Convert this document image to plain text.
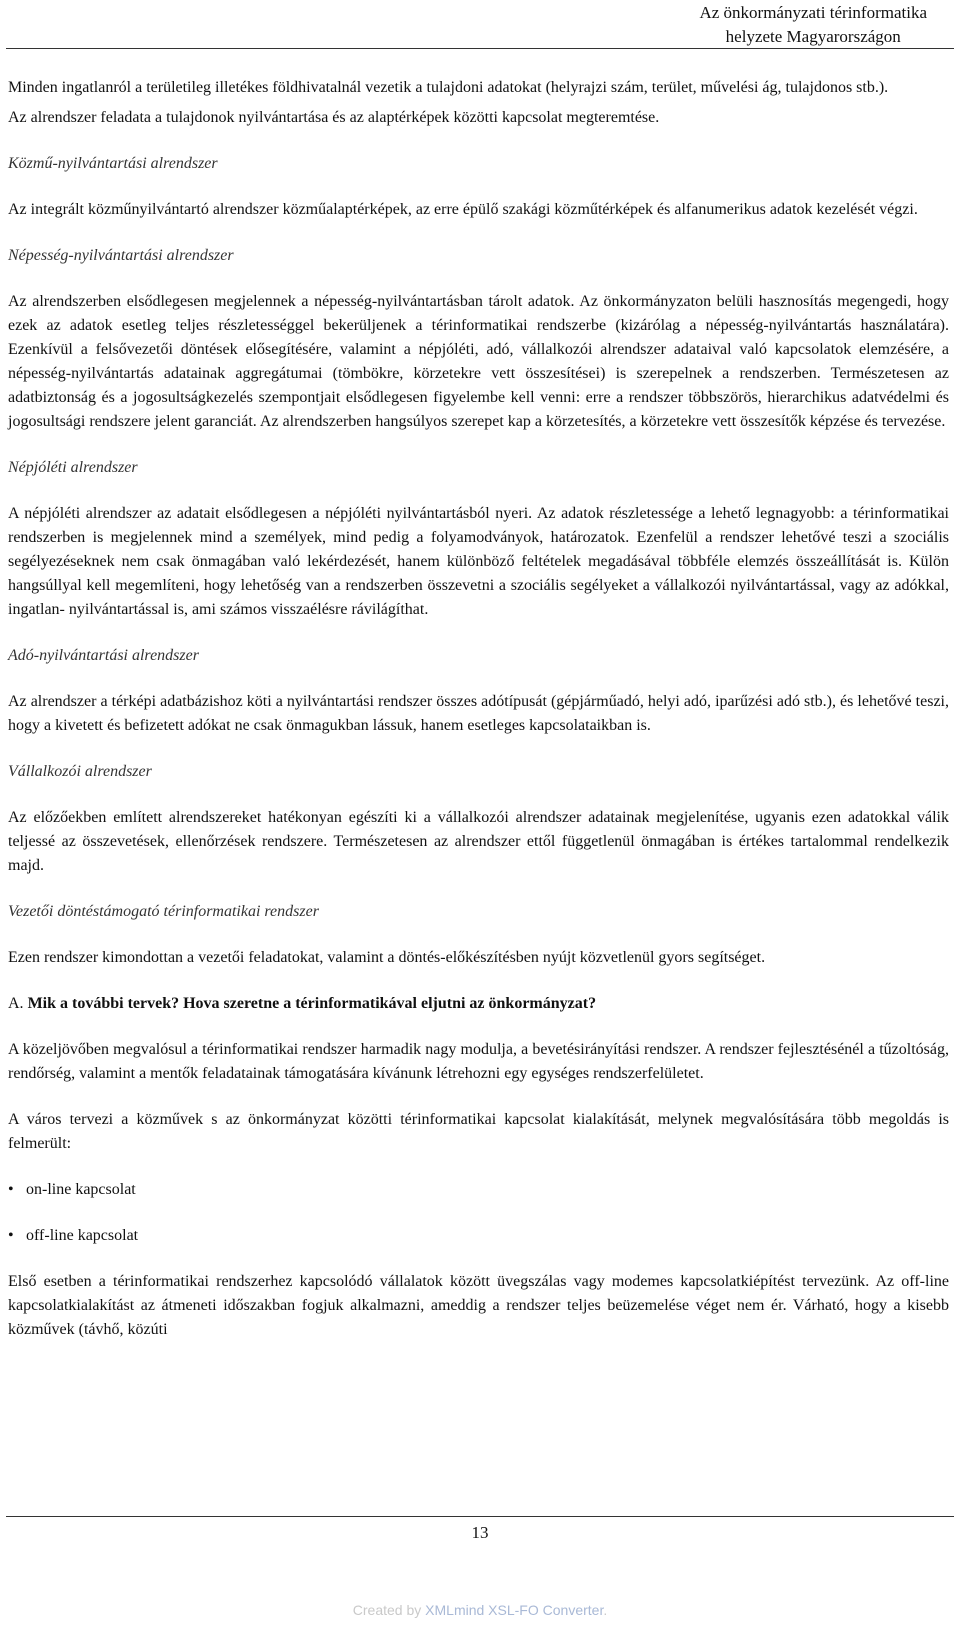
Az önkormányzati térinformatika
helyzete Magyarországon

Minden ingatlanról a területileg illetékes földhivatalnál vezetik a tulajdoni adatokat (helyrajzi szám, terület, művelési ág, tulajdonos stb.).

Az alrendszer feladata a tulajdonok nyilvántartása és az alaptérképek közötti kapcsolat megteremtése.

Közmű-nyilvántartási alrendszer

Az integrált közműnyilvántartó alrendszer közműalaptérképek, az erre épülő szakági közműtérképek és alfanumerikus adatok kezelését végzi.

Népesség-nyilvántartási alrendszer

Az alrendszerben elsődlegesen megjelennek a népesség-nyilvántartásban tárolt adatok. Az önkormányzaton belüli hasznosítás megengedi, hogy ezek az adatok esetleg teljes részletességgel bekerüljenek a térinformatikai rendszerbe (kizárólag a népesség-nyilvántartás használatára). Ezenkívül a felsővezetői döntések elősegítésére, valamint a népjóléti, adó, vállalkozói alrendszer adataival való kapcsolatok elemzésére, a népesség-nyilvántartás adatainak aggregátumai (tömbökre, körzetekre vett összesítései) is szerepelnek a rendszerben. Természetesen az adatbiztonság és a jogosultságkezelés szempontjait elsődlegesen figyelembe kell venni: erre a rendszer többszörös, hierarchikus adatvédelmi és jogosultsági rendszere jelent garanciát. Az alrendszerben hangsúlyos szerepet kap a körzetesítés, a körzetekre vett összesítők képzése és tervezése.

Népjóléti alrendszer

A népjóléti alrendszer az adatait elsődlegesen a népjóléti nyilvántartásból nyeri. Az adatok részletessége a lehető legnagyobb: a térinformatikai rendszerben is megjelennek mind a személyek, mind pedig a folyamodványok, határozatok. Ezenfelül a rendszer lehetővé teszi a szociális segélyezéseknek nem csak önmagában való lekérdezését, hanem különböző feltételek megadásával többféle elemzés összeállítását is. Külön hangsúllyal kell megemlíteni, hogy lehetőség van a rendszerben összevetni a szociális segélyeket a vállalkozói nyilvántartással, vagy az adókkal, ingatlan- nyilvántartással is, ami számos visszaélésre rávilágíthat.

Adó-nyilvántartási alrendszer

Az alrendszer a térképi adatbázishoz köti a nyilvántartási rendszer összes adótípusát (gépjárműadó, helyi adó, iparűzési adó stb.), és lehetővé teszi, hogy a kivetett és befizetett adókat ne csak önmagukban lássuk, hanem esetleges kapcsolataikban is.

Vállalkozói alrendszer

Az előzőekben említett alrendszereket hatékonyan egészíti ki a vállalkozói alrendszer adatainak megjelenítése, ugyanis ezen adatokkal válik teljessé az összevetések, ellenőrzések rendszere. Természetesen az alrendszer ettől függetlenül önmagában is értékes tartalommal rendelkezik majd.

Vezetői döntéstámogató térinformatikai rendszer

Ezen rendszer kimondottan a vezetői feladatokat, valamint a döntés-előkészítésben nyújt közvetlenül gyors segítséget.

A. Mik a további tervek? Hova szeretne a térinformatikával eljutni az önkormányzat?

A közeljövőben megvalósul a térinformatikai rendszer harmadik nagy modulja, a bevetésirányítási rendszer. A rendszer fejlesztésénél a tűzoltóság, rendőrség, valamint a mentők feladatainak támogatására kívánunk létrehozni egy egységes rendszerfelületet.

A város tervezi a közművek s az önkormányzat közötti térinformatikai kapcsolat kialakítását, melynek megvalósítására több megoldás is felmerült:

• on-line kapcsolat
• off-line kapcsolat

Első esetben a térinformatikai rendszerhez kapcsolódó vállalatok között üvegszálas vagy modemes kapcsolatkiépítést tervezünk. Az off-line kapcsolatkialakítást az átmeneti időszakban fogjuk alkalmazni, ameddig a rendszer teljes beüzemelése véget nem ér. Várható, hogy a kisebb közművek (távhő, közúti

13
Created by XMLmind XSL-FO Converter.
